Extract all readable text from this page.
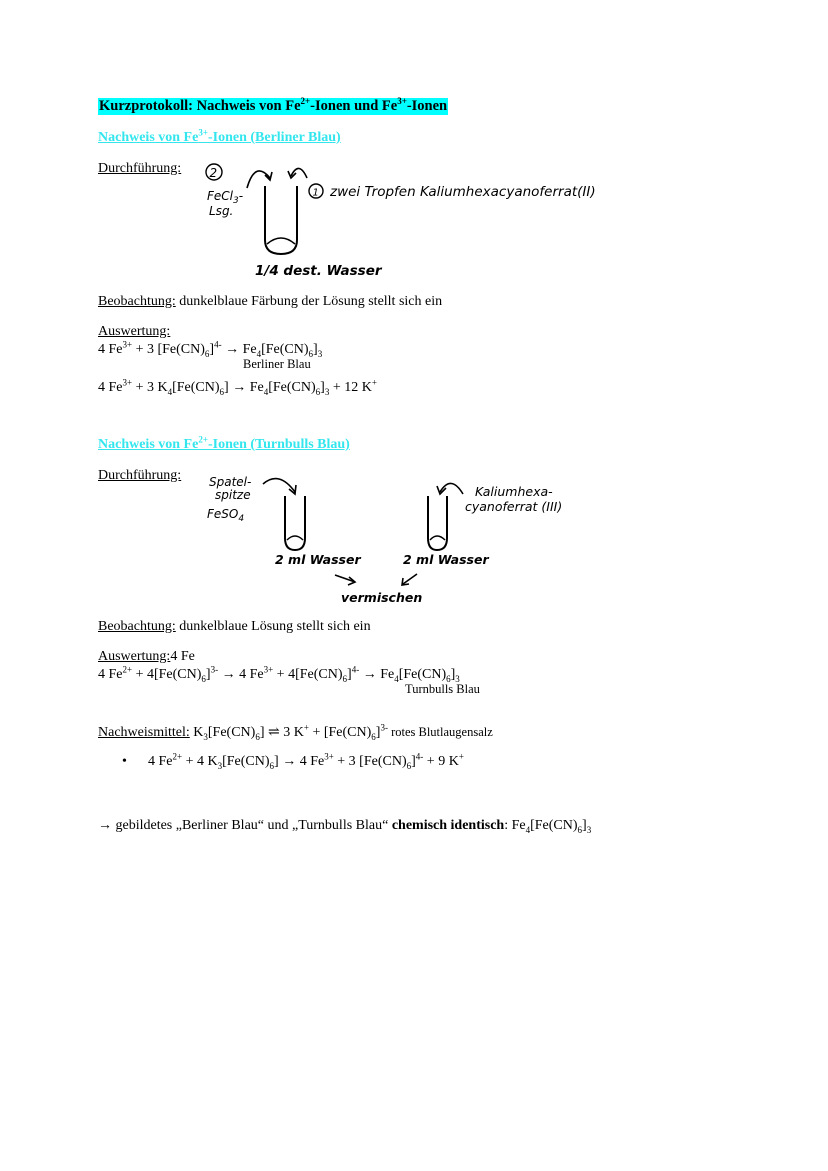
Kurzprotokoll: Nachweis von $Fe^{2+}$-Ionen und $Fe^{3+}$-Ionen
Nachweis von $Fe^{3+}$-Ionen (Berliner Blau)
Durchführung: 2
FeCl$_3$-
Lsg.
1 zwei Tropfen Kaliumhexacyanoferrat(II)
1/4 dest. Wasser
Beobachtung: dunkelblaue Färbung der Lösung stellt sich ein
Auswertung:
4 $Fe^{3+} + 3$ $[Fe(CN)_6]^{4-} \to Fe_4[Fe(CN)_6]_3$
Berliner Blau
4 $Fe^{3+} + 3$ $K_4[Fe(CN)_6] \to Fe_4[Fe(CN)_6]_3 + 12$ K+
Nachweis von $Fe^{2+}$-Ionen (Turnbulls Blau)
Durchführung: Spatel-
spitze
FeSO$_4$
2 ml Wasser	2 ml Wasser
Kaliumhexa-
cyanoferrat (III)
vermischen
Beobachtung: dunkelblaue Lösung stellt sich ein
Auswertung:4 Fe
4 $Fe^{2+} + 4[Fe(CN)_6]^{3-} \to 4$ $Fe^{3+} + 4[Fe(CN)_6]^{4-} \to Fe_4[Fe(CN)_6]_3$
Turnbulls Blau
Nachweismittel: $K_3[Fe(CN)_6]$ ⇌ 3 $K^+ + [Fe(CN)_6]^{3-}$ rotes Blutlaugensalz
• 4 $Fe^{2+} + 4$ $K_3[Fe(CN)_6] \to 4$ $Fe^{3+} + 3$ $[Fe(CN)_6]^{4-} + 9$ K+
→ gebildetes „Berliner Blau“ und „Turnbulls Blau“ chemisch identisch: $Fe_4[Fe(CN)_6]_3$
